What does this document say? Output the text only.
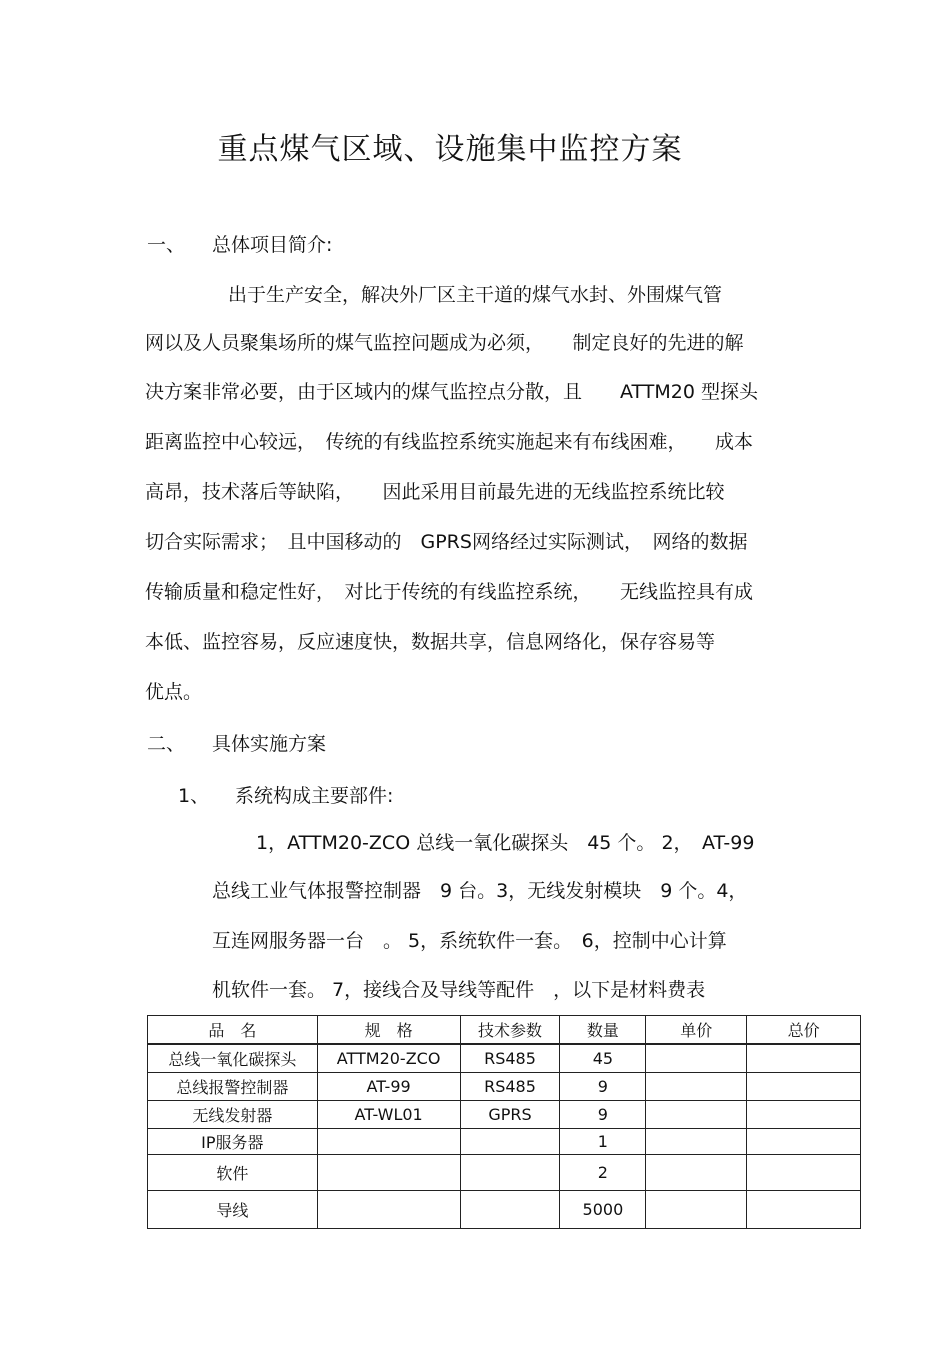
重点煤气区域、设施集中监控方案
一、 总体项目简介:
出于生产安全，解决外厂区主干道的煤气水封、外围煤气管
网以及人员聚集场所的煤气监控问题成为必须，　　制定良好的先进的解
决方案非常必要，由于区域内的煤气监控点分散，且　　ATTM20 型探头
距离监控中心较远，　传统的有线监控系统实施起来有布线困难，　　成本
高昂，技术落后等缺陷，　　因此采用目前最先进的无线监控系统比较
切合实际需求；　且中国移动的　GPRS网络经过实际测试，　网络的数据
传输质量和稳定性好，　对比于传统的有线监控系统，　　无线监控具有成
本低、监控容易，反应速度快，数据共享，信息网络化，保存容易等
优点。
二、 具体实施方案
1、 系统构成主要部件:
1，ATTM20-ZCO 总线一氧化碳探头　45 个。 2，　AT-99
总线工业气体报警控制器　9 台。3，无线发射模块　9 个。4，
互连网服务器一台　。 5，系统软件一套。　6，控制中心计算
机软件一套。 7，接线合及导线等配件　，以下是材料费表
品　名	规　格	技术参数	数量	单价	总价
总线一氧化碳探头	ATTM20-ZCO	RS485	45		
总线报警控制器	AT-99	RS485	9		
无线发射器	AT-WL01	GPRS	9		
IP服务器			1		
软件			2		
导线			5000		
